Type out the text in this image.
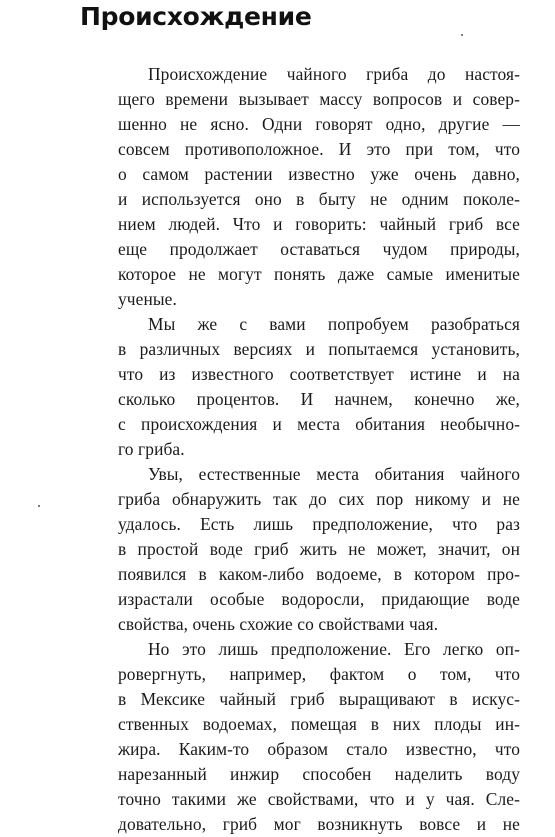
Происхождение
Происхождение чайного гриба до настоя-
щего времени вызывает массу вопросов и совер-
шенно не ясно. Одни говорят одно, другие —
совсем противоположное. И это при том, что
о самом растении известно уже очень давно,
и используется оно в быту не одним поколе-
нием людей. Что и говорить: чайный гриб все
еще продолжает оставаться чудом природы,
которое не могут понять даже самые именитые
ученые.
Мы же с вами попробуем разобраться
в различных версиях и попытаемся установить,
что из известного соответствует истине и на
сколько процентов. И начнем, конечно же,
с происхождения и места обитания необычно-
го гриба.
Увы, естественные места обитания чайного
гриба обнаружить так до сих пор никому и не
удалось. Есть лишь предположение, что раз
в простой воде гриб жить не может, значит, он
появился в каком-либо водоеме, в котором про-
израстали особые водоросли, придающие воде
свойства, очень схожие со свойствами чая.
Но это лишь предположение. Его легко оп-
ровергнуть, например, фактом о том, что
в Мексике чайный гриб выращивают в искус-
ственных водоемах, помещая в них плоды ин-
жира. Каким-то образом стало известно, что
нарезанный инжир способен наделить воду
точно такими же свойствами, что и у чая. Сле-
довательно, гриб мог возникнуть вовсе и не
